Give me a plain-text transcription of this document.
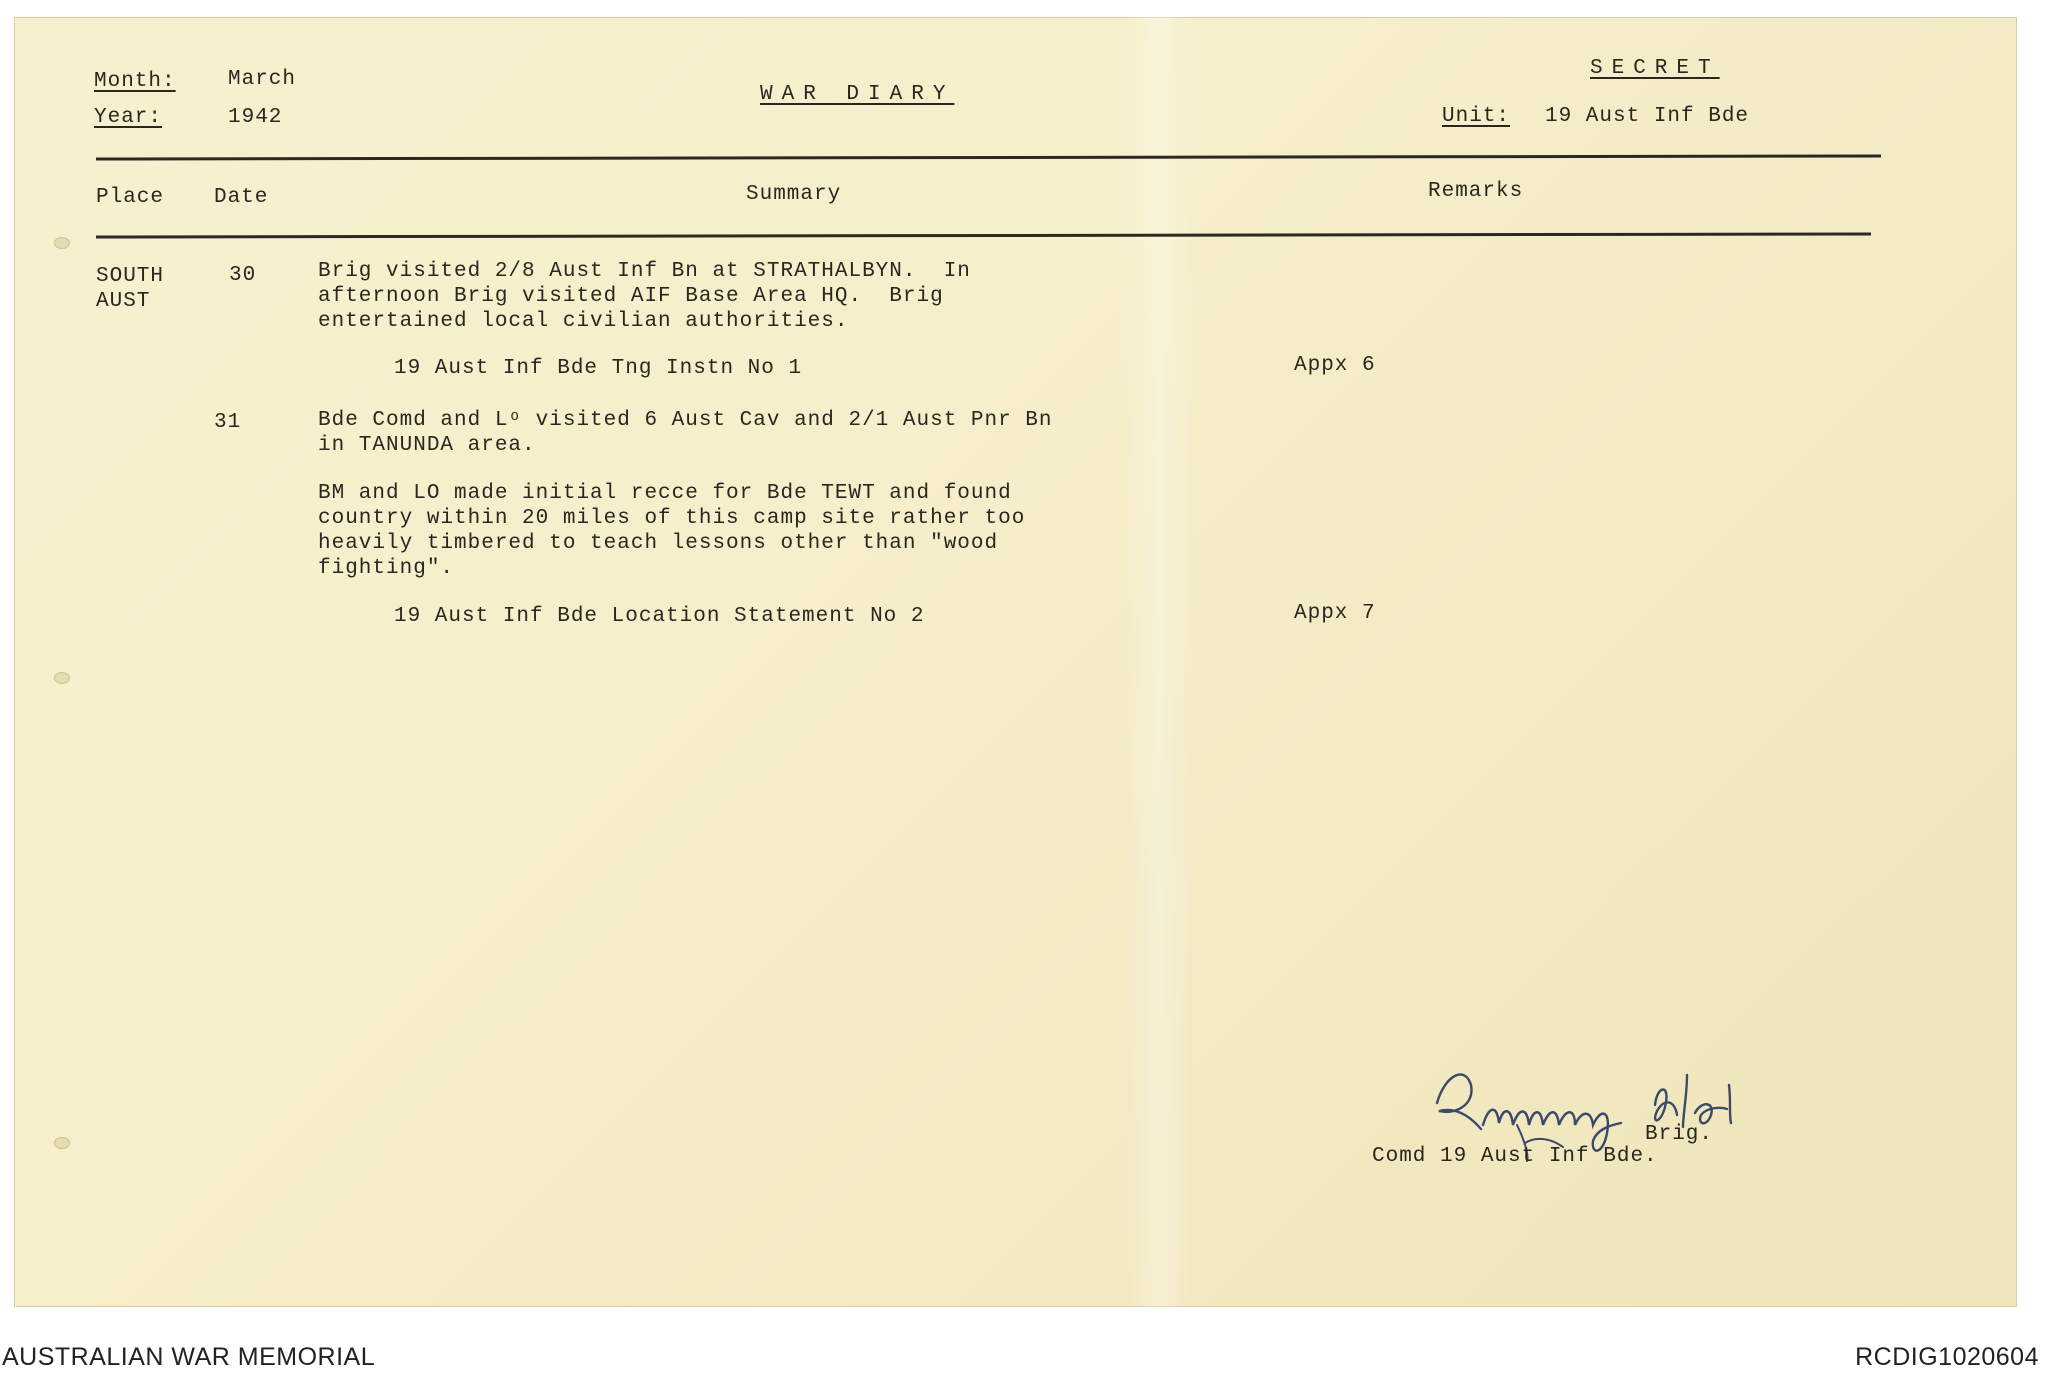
Month: March
Year:	1942
WAR DIARY
SECRET
Unit: 19 Aust Inf Bde
Place Date	Summary	Remarks
SOUTH
AUST
30	Brig visited 2/8 Aust Inf Bn at STRATHALBYN.  In
afternoon Brig visited AIF Base Area HQ.  Brig
entertained local civilian authorities.
19 Aust Inf Bde Tng Instn No 1	Appx 6
31	Bde Comd and Lᵒ visited 6 Aust Cav and 2/1 Aust Pnr Bn
in TANUNDA area.
BM and LO made initial recce for Bde TEWT and found
country within 20 miles of this camp site rather too
heavily timbered to teach lessons other than "wood
fighting".
19 Aust Inf Bde Location Statement No 2	Appx 7
Brig.
Comd 19 Aust Inf Bde.
AUSTRALIAN WAR MEMORIAL	RCDIG1020604
